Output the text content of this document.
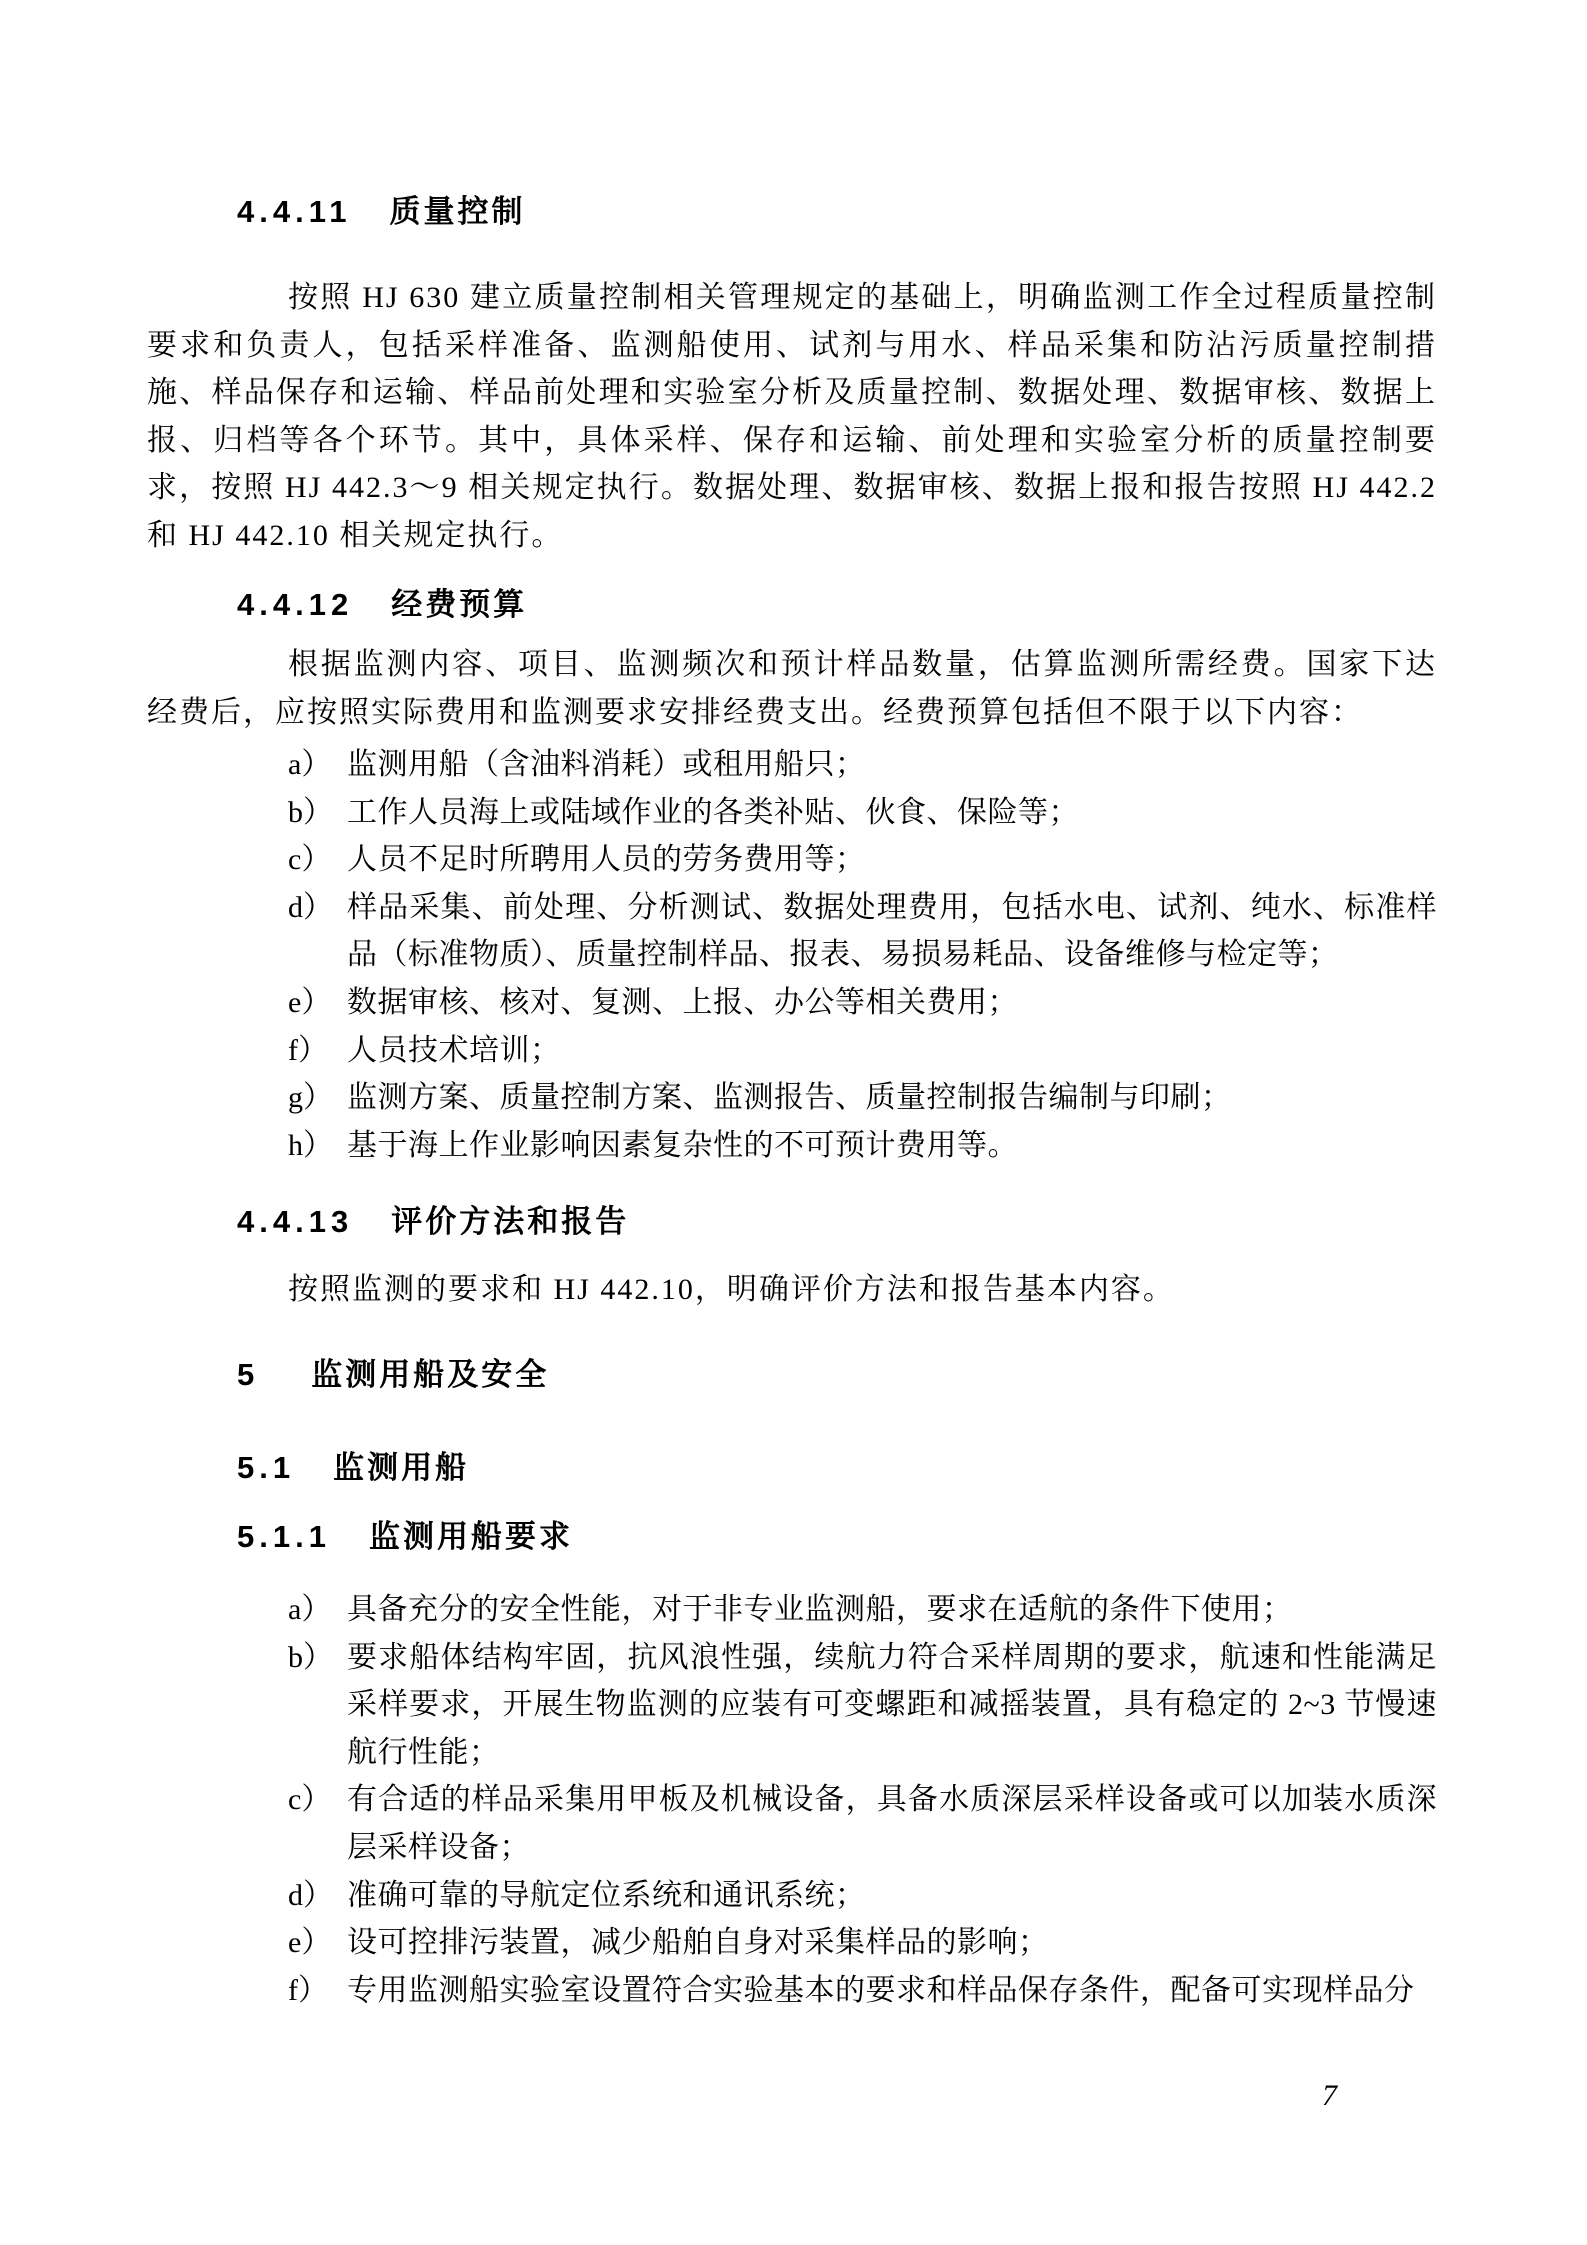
4.4.11 质量控制
按照 HJ 630 建立质量控制相关管理规定的基础上，明确监测工作全过程质量控制要求和负责人，包括采样准备、监测船使用、试剂与用水、样品采集和防沾污质量控制措施、样品保存和运输、样品前处理和实验室分析及质量控制、数据处理、数据审核、数据上报、归档等各个环节。其中，具体采样、保存和运输、前处理和实验室分析的质量控制要求，按照 HJ 442.3～9 相关规定执行。数据处理、数据审核、数据上报和报告按照 HJ 442.2 和 HJ 442.10 相关规定执行。
4.4.12 经费预算
根据监测内容、项目、监测频次和预计样品数量，估算监测所需经费。国家下达经费后，应按照实际费用和监测要求安排经费支出。经费预算包括但不限于以下内容：
a） 监测用船（含油料消耗）或租用船只；
b） 工作人员海上或陆域作业的各类补贴、伙食、保险等；
c） 人员不足时所聘用人员的劳务费用等；
d） 样品采集、前处理、分析测试、数据处理费用，包括水电、试剂、纯水、标准样品（标准物质）、质量控制样品、报表、易损易耗品、设备维修与检定等；
e） 数据审核、核对、复测、上报、办公等相关费用；
f） 人员技术培训；
g） 监测方案、质量控制方案、监测报告、质量控制报告编制与印刷；
h） 基于海上作业影响因素复杂性的不可预计费用等。
4.4.13 评价方法和报告
按照监测的要求和 HJ 442.10，明确评价方法和报告基本内容。
5 监测用船及安全
5.1 监测用船
5.1.1 监测用船要求
a） 具备充分的安全性能，对于非专业监测船，要求在适航的条件下使用；
b） 要求船体结构牢固，抗风浪性强，续航力符合采样周期的要求，航速和性能满足采样要求，开展生物监测的应装有可变螺距和减摇装置，具有稳定的 2~3 节慢速航行性能；
c） 有合适的样品采集用甲板及机械设备，具备水质深层采样设备或可以加装水质深层采样设备；
d） 准确可靠的导航定位系统和通讯系统；
e） 设可控排污装置，减少船舶自身对采集样品的影响；
f） 专用监测船实验室设置符合实验基本的要求和样品保存条件，配备可实现样品分
7
